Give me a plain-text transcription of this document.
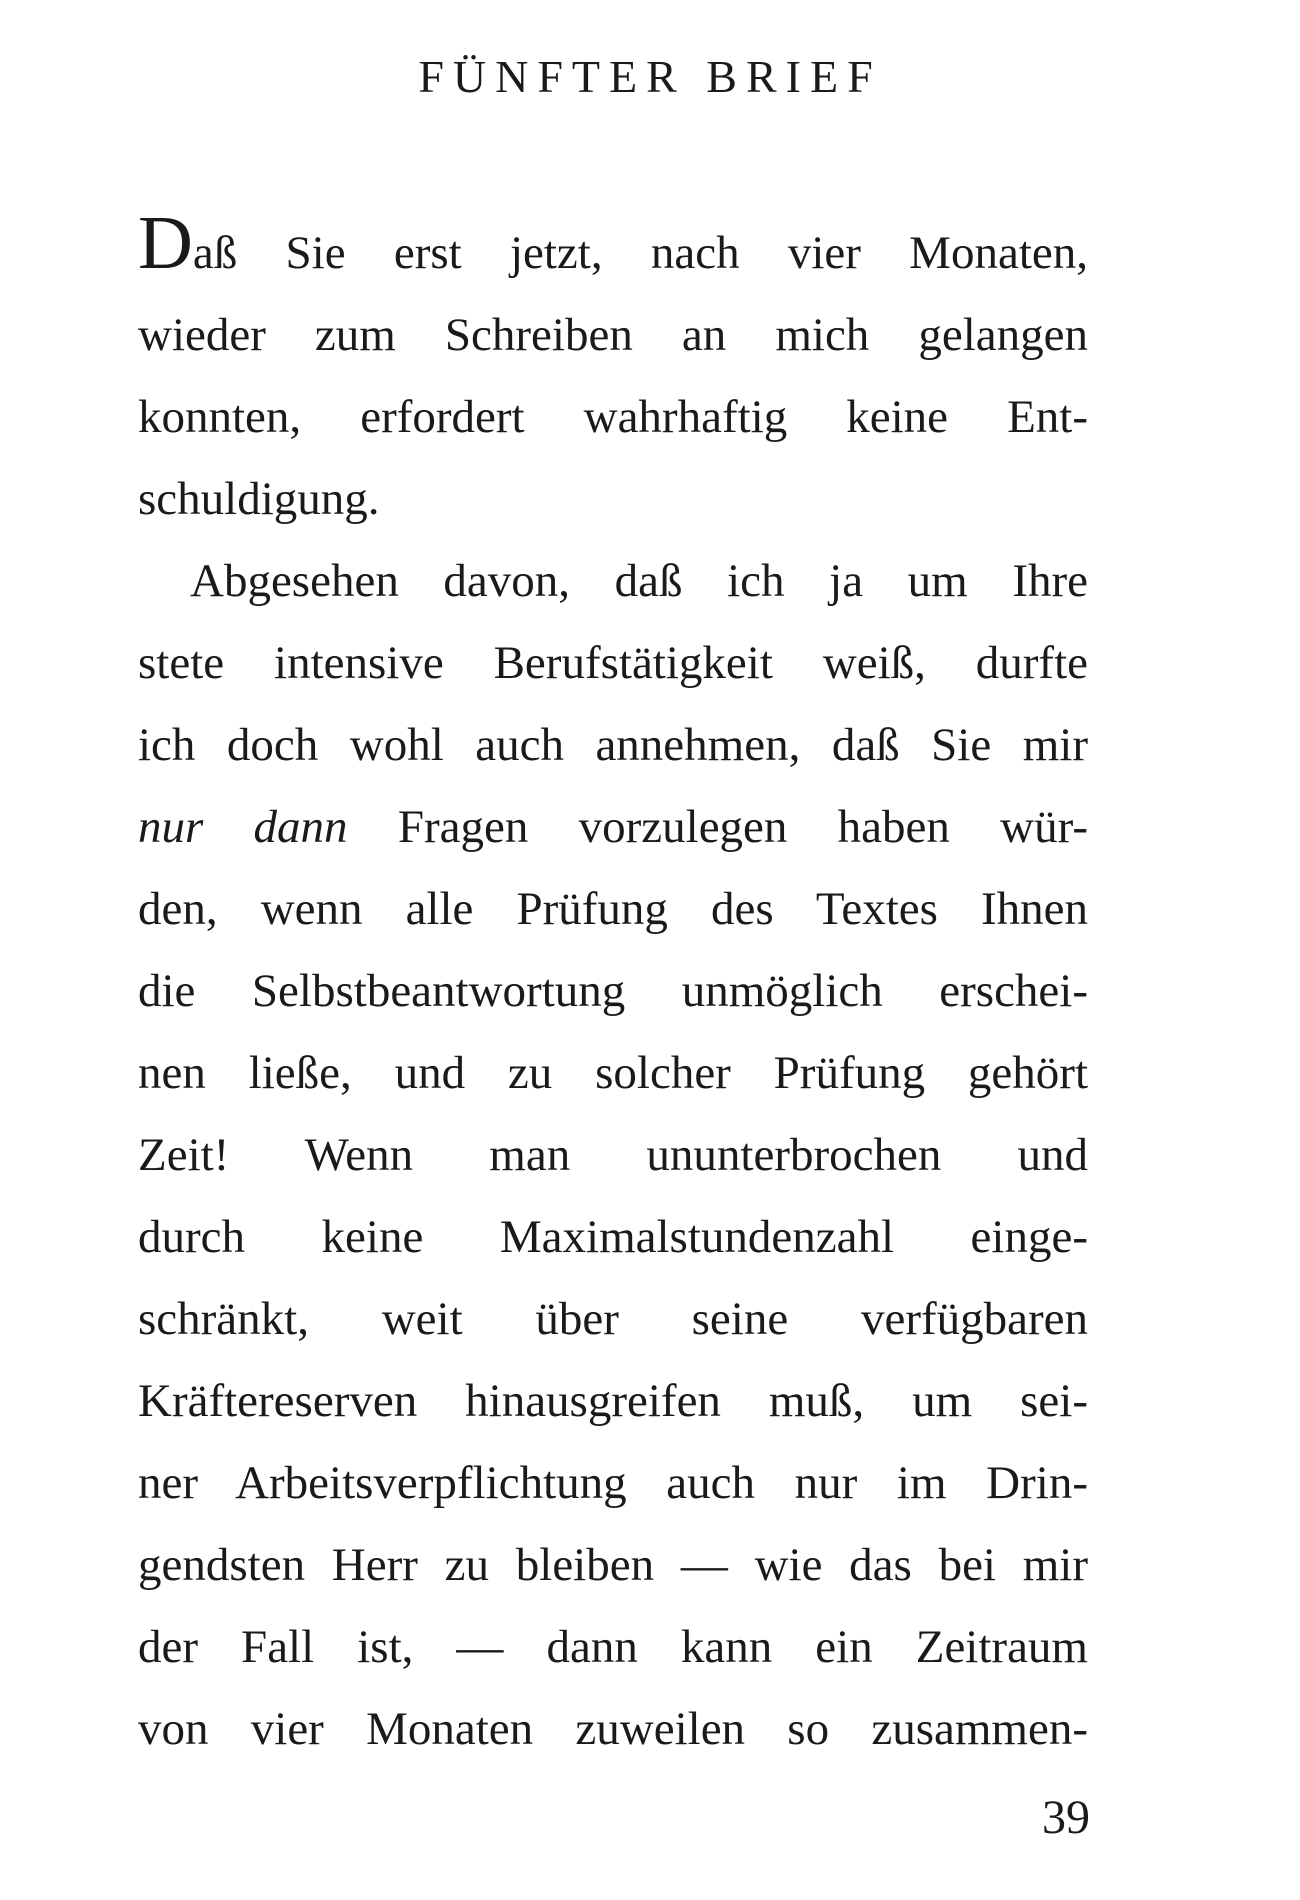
FÜNFTER BRIEF
Daß Sie erst jetzt, nach vier Monaten,
wieder zum Schreiben an mich gelangen
konnten, erfordert wahrhaftig keine Ent-
schuldigung.
Abgesehen davon, daß ich ja um Ihre
stete intensive Berufstätigkeit weiß, durfte
ich doch wohl auch annehmen, daß Sie mir
nur dann Fragen vorzulegen haben wür-
den, wenn alle Prüfung des Textes Ihnen
die Selbstbeantwortung unmöglich erschei-
nen ließe, und zu solcher Prüfung gehört
Zeit! Wenn man ununterbrochen und
durch keine Maximalstundenzahl einge-
schränkt, weit über seine verfügbaren
Kräftereserven hinausgreifen muß, um sei-
ner Arbeitsverpflichtung auch nur im Drin-
gendsten Herr zu bleiben — wie das bei mir
der Fall ist, — dann kann ein Zeitraum
von vier Monaten zuweilen so zusammen-
39
